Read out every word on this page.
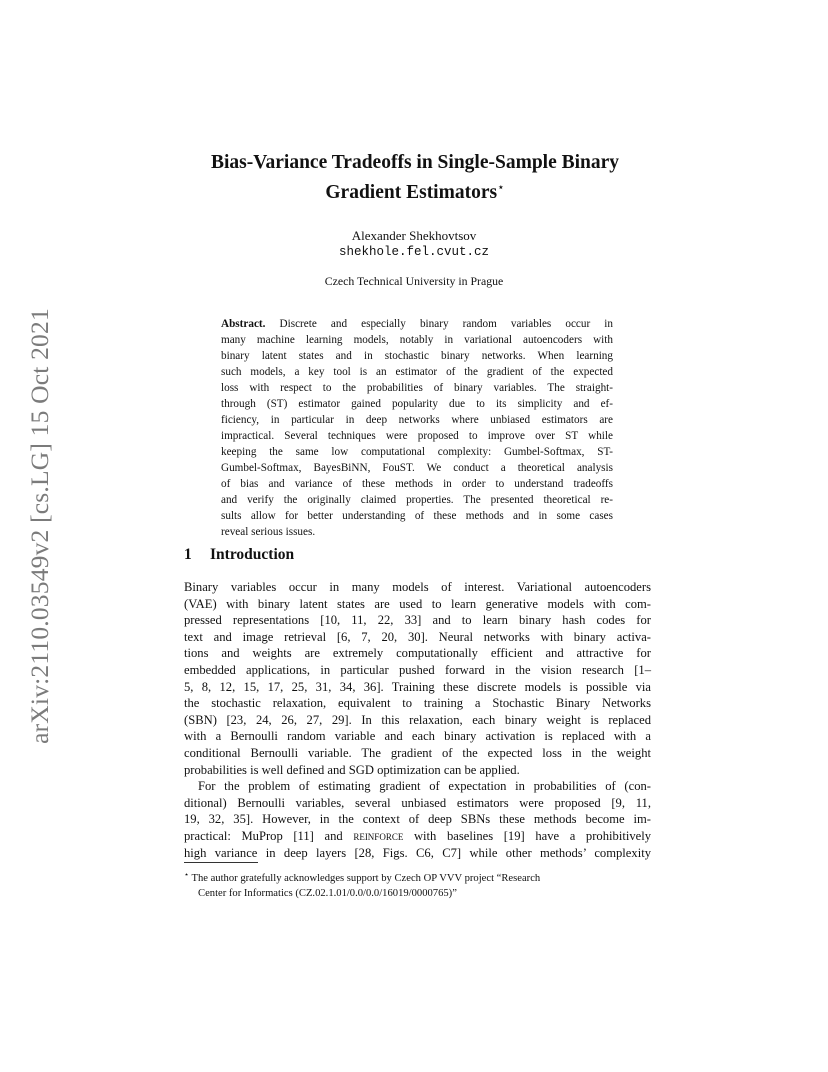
arXiv:2110.03549v2 [cs.LG] 15 Oct 2021
Bias-Variance Tradeoffs in Single-Sample Binary
Gradient Estimators⋆
Alexander Shekhovtsov
shekhole.fel.cvut.cz
Czech Technical University in Prague
Abstract. Discrete and especially binary random variables occur in
many machine learning models, notably in variational autoencoders with
binary latent states and in stochastic binary networks. When learning
such models, a key tool is an estimator of the gradient of the expected
loss with respect to the probabilities of binary variables. The straight-
through (ST) estimator gained popularity due to its simplicity and ef-
ficiency, in particular in deep networks where unbiased estimators are
impractical. Several techniques were proposed to improve over ST while
keeping the same low computational complexity: Gumbel-Softmax, ST-
Gumbel-Softmax, BayesBiNN, FouST. We conduct a theoretical analysis
of bias and variance of these methods in order to understand tradeoffs
and verify the originally claimed properties. The presented theoretical re-
sults allow for better understanding of these methods and in some cases
reveal serious issues.
1 Introduction
Binary variables occur in many models of interest. Variational autoencoders
(VAE) with binary latent states are used to learn generative models with com-
pressed representations [10, 11, 22, 33] and to learn binary hash codes for
text and image retrieval [6, 7, 20, 30]. Neural networks with binary activa-
tions and weights are extremely computationally efficient and attractive for
embedded applications, in particular pushed forward in the vision research [1–
5, 8, 12, 15, 17, 25, 31, 34, 36]. Training these discrete models is possible via
the stochastic relaxation, equivalent to training a Stochastic Binary Networks
(SBN) [23, 24, 26, 27, 29]. In this relaxation, each binary weight is replaced
with a Bernoulli random variable and each binary activation is replaced with a
conditional Bernoulli variable. The gradient of the expected loss in the weight
probabilities is well defined and SGD optimization can be applied.
For the problem of estimating gradient of expectation in probabilities of (con-
ditional) Bernoulli variables, several unbiased estimators were proposed [9, 11,
19, 32, 35]. However, in the context of deep SBNs these methods become im-
practical: MuProp [11] and reinforce with baselines [19] have a prohibitively
high variance in deep layers [28, Figs. C6, C7] while other methods’ complexity
⋆ The author gratefully acknowledges support by Czech OP VVV project “Research
Center for Informatics (CZ.02.1.01/0.0/0.0/16019/0000765)”
